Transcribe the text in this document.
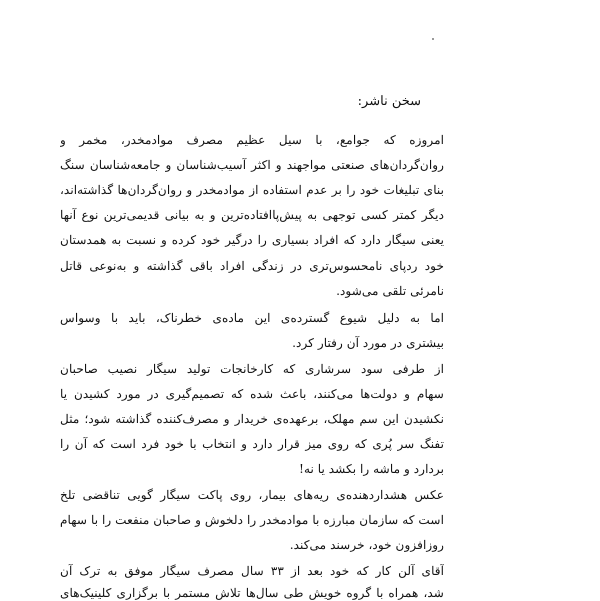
سخن ناشر:
امروزه که جوامع، با سیل عظیم مصرف موادمخدر، مخمر و
روان‌گردان‌های صنعتی مواجهند و اکثر آسیب‌شناسان و جامعه‌شناسان سنگ
بنای تبلیغات خود را بر عدم استفاده از موادمخدر و روان‌گردان‌ها گذاشته‌اند،
دیگر کمتر کسی توجهی به پیش‌پاافتاده‌ترین و به بیانی قدیمی‌ترین نوع آنها
یعنی سیگار دارد که افراد بسیاری را درگیر خود کرده و نسبت به همدستان
خود ردپای نامحسوس‌تری در زندگی افراد باقی گذاشته و به‌نوعی قاتل
نامرئی تلقی می‌شود.
اما به دلیل شیوع گسترده‌ی این ماده‌ی خطرناک، باید با وسواس
بیشتری در مورد آن رفتار کرد.
از طرفی سود سرشاری که کارخانجات تولید سیگار نصیب صاحبان
سهام و دولت‌ها می‌کنند، باعث شده که تصمیم‌گیری در مورد کشیدن یا
نکشیدن این سم مهلک، برعهده‌ی خریدار و مصرف‌کننده گذاشته شود؛ مثل
تفنگ سر پُری که روی میز قرار دارد و انتخاب با خود فرد است که آن را
بردارد و ماشه را بکشد یا نه!
عکس هشداردهنده‌ی ریه‌های بیمار، روی پاکت سیگار گویی تناقضی تلخ
است که سازمان مبارزه با موادمخدر را دلخوش و صاحبان منفعت را با سهام
روزافزون خود، خرسند می‌کند.
آقای آلن کار که خود بعد از ۳۳ سال مصرف سیگار موفق به ترک آن
شد، همراه با گروه خویش طی سال‌ها تلاش مستمر با برگزاری کلینیک‌های
